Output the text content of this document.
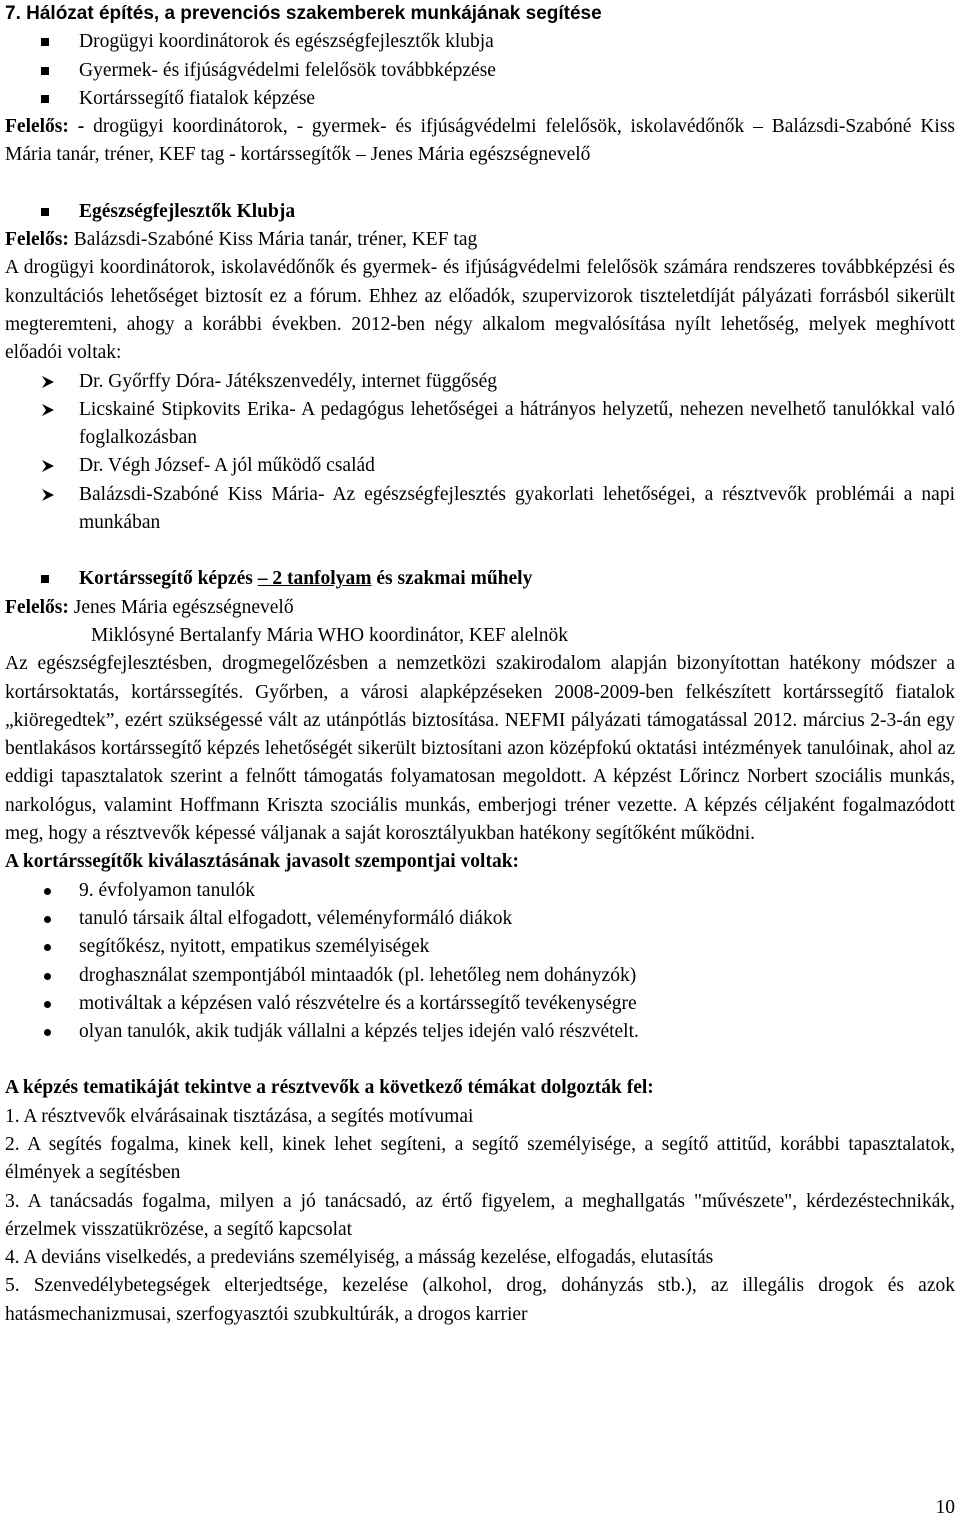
7. Hálózat építés, a prevenciós szakemberek munkájának segítése

Drogügyi koordinátorok és egészségfejlesztők klubja
Gyermek- és ifjúságvédelmi felelősök továbbképzése
Kortárssegítő fiatalok képzése

Felelős: - drogügyi koordinátorok, - gyermek- és ifjúságvédelmi felelősök, iskolavédőnők – Balázsdi-Szabóné Kiss Mária tanár, tréner, KEF tag - kortárssegítők – Jenes Mária egészségnevelő

Egészségfejlesztők Klubja

Felelős: Balázsdi-Szabóné Kiss Mária tanár, tréner, KEF tag

A drogügyi koordinátorok, iskolavédőnők és gyermek- és ifjúságvédelmi felelősök számára rendszeres továbbképzési és konzultációs lehetőséget biztosít ez a fórum. Ehhez az előadók, szupervizorok tiszteletdíját pályázati forrásból sikerült megteremteni, ahogy a korábbi években. 2012-ben négy alkalom megvalósítása nyílt lehetőség, melyek meghívott előadói voltak:

Dr. Győrffy Dóra- Játékszenvedély, internet függőség
Licskainé Stipkovits Erika- A pedagógus lehetőségei a hátrányos helyzetű, nehezen nevelhető tanulókkal való foglalkozásban
Dr. Végh József- A jól működő család
Balázsdi-Szabóné Kiss Mária- Az egészségfejlesztés gyakorlati lehetőségei, a résztvevők problémái a napi munkában
Kortárssegítő képzés – 2 tanfolyam és szakmai műhely

Felelős: Jenes Mária egészségnevelő

Miklósyné Bertalanfy Mária WHO koordinátor, KEF alelnök

Az egészségfejlesztésben, drogmegelőzésben a nemzetközi szakirodalom alapján bizonyítottan hatékony módszer a kortársoktatás, kortárssegítés. Győrben, a városi alapképzéseken 2008-2009-ben felkészített kortárssegítő fiatalok „kiöregedtek”, ezért szükségessé vált az utánpótlás biztosítása. NEFMI pályázati támogatással 2012. március 2-3-án egy bentlakásos kortárssegítő képzés lehetőségét sikerült biztosítani azon középfokú oktatási intézmények tanulóinak, ahol az eddigi tapasztalatok szerint a felnőtt támogatás folyamatosan megoldott. A képzést Lőrincz Norbert szociális munkás, narkológus, valamint Hoffmann Kriszta szociális munkás, emberjogi tréner vezette. A képzés céljaként fogalmazódott meg, hogy a résztvevők képessé váljanak a saját korosztályukban hatékony segítőként működni.

A kortárssegítők kiválasztásának javasolt szempontjai voltak:

9. évfolyamon tanulók
tanuló társaik által elfogadott, véleményformáló diákok
segítőkész, nyitott, empatikus személyiségek
droghasználat szempontjából mintaadók (pl. lehetőleg nem dohányzók)
motiváltak a képzésen való részvételre és a kortárssegítő tevékenységre
olyan tanulók, akik tudják vállalni a képzés teljes idején való részvételt.

A képzés tematikáját tekintve a résztvevők a következő témákat dolgozták fel:

1. A résztvevők elvárásainak tisztázása, a segítés motívumai

2. A segítés fogalma, kinek kell, kinek lehet segíteni, a segítő személyisége, a segítő attitűd, korábbi tapasztalatok, élmények a segítésben

3. A tanácsadás fogalma, milyen a jó tanácsadó, az értő figyelem, a meghallgatás "művészete", kérdezéstechnikák, érzelmek visszatükrözése, a segítő kapcsolat

4. A deviáns viselkedés, a predeviáns személyiség, a másság kezelése, elfogadás, elutasítás

5. Szenvedélybetegségek elterjedtsége, kezelése (alkohol, drog, dohányzás stb.), az illegális drogok és azok hatásmechanizmusai, szerfogyasztói szubkultúrák, a drogos karrier

10
